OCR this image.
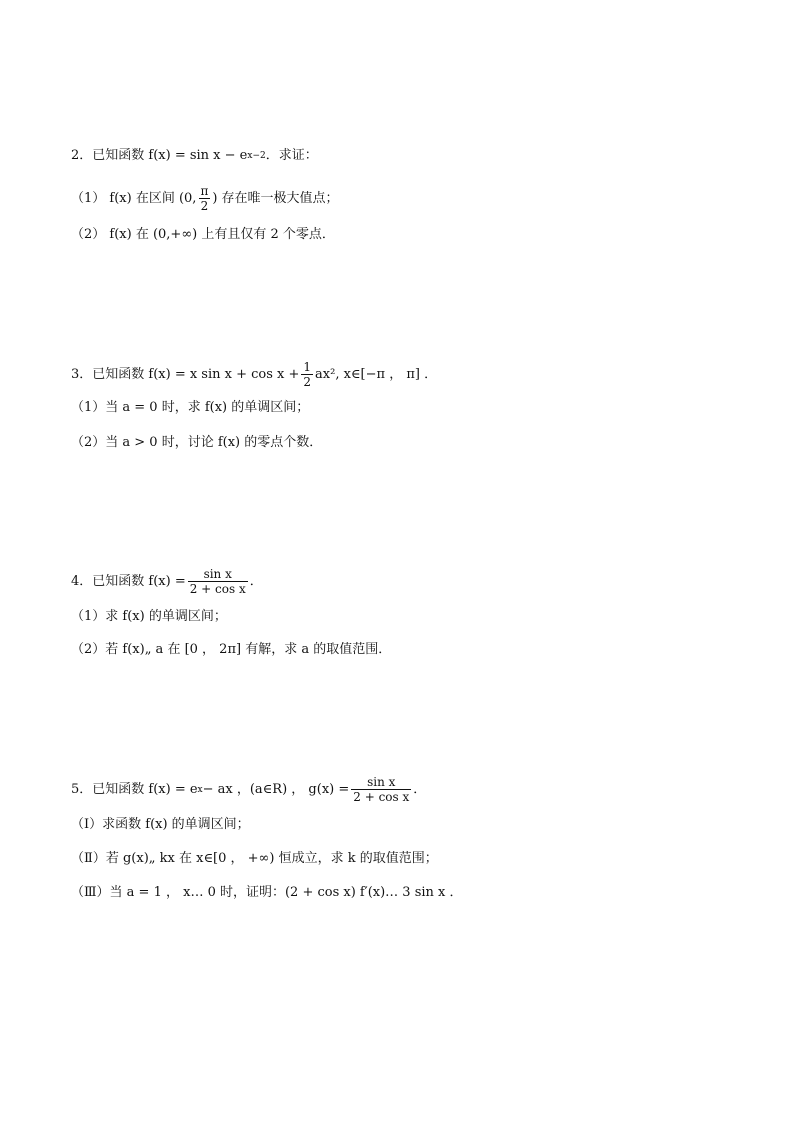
2．已知函数 f(x) = sin x − e x−2 ．求证：
（1） f(x) 在区间 (0, $\frac{\pi}{2}$ ) 存在唯一极大值点；
（2） f(x) 在 (0,+∞) 上有且仅有 2 个零点．
3．已知函数 f(x) = x $\sin x + \cos x + \frac{1}{2} ax^2$, x∈[−π ， π] ．
（1）当 a = 0 时，求 f(x) 的单调区间；
（2）当 a > 0 时，讨论 f(x) 的零点个数．
4．已知函数 $f(x) = \frac{\text{sin x}}{\text{2 + cos x}}$ ．
（1）求 f(x) 的单调区间；
（2）若 f(x)„ a 在 [0 ， 2π] 有解，求 a 的取值范围．
5．已知函数 f(x) = e x − ax ，(a∈R) ， $g(x) = \frac{\text{sin x}}{\text{2 + cos x}}$ ．
（Ⅰ）求函数 f(x) 的单调区间；
（Ⅱ）若 g(x)„ kx 在 x∈[0 ， +∞) 恒成立，求 k 的取值范围；
（Ⅲ）当 a = 1 ， x… 0 时，证明：(2 + cos x) f′(x)… 3 sin x ．
